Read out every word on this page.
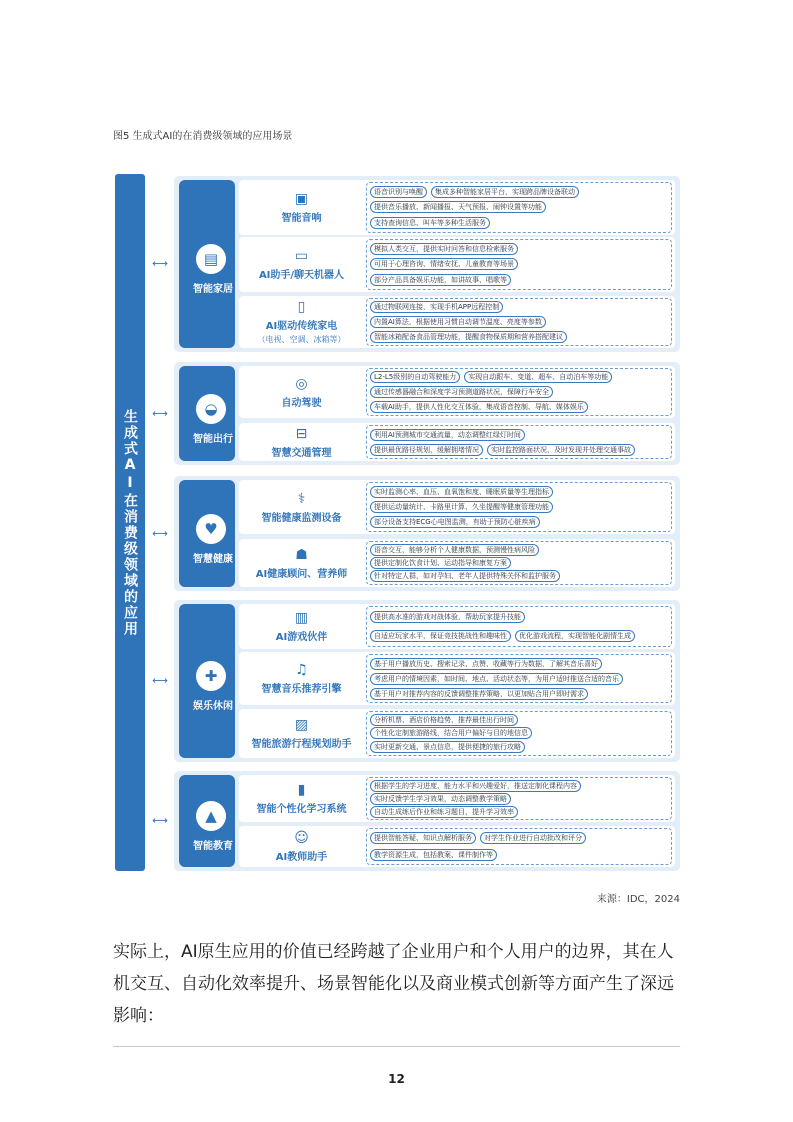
图5 生成式AI的在消费级领域的应用场景
生成式AI在消费级领域的应用
⟷	▤
智能家居
▣
智能音响
语音识别与唤醒	集成多种智能家居平台，实现跨品牌设备联动
提供音乐播放、新闻播报、天气预报、闹钟设置等功能
支持查询信息、叫车等多种生活服务
▭
AI助手/聊天机器人
模拟人类交互，提供实时问答和信息检索服务
可用于心理咨询、情绪安抚、儿童教育等场景
部分产品具备娱乐功能，如讲故事、唱歌等
▯
AI驱动传统家电
（电视、空调、冰箱等）
通过物联网连接，实现手机APP远程控制
内置AI算法，根据使用习惯自动调节温度、亮度等参数
智能冰箱配备食品管理功能，提醒食物保质期和营养搭配建议
⟷	◒
智能出行
◎
自动驾驶
L2-L5级别的自动驾驶能力	实现自动跟车、变道、超车、自动泊车等功能
通过传感器融合和深度学习预测道路状况，保障行车安全
车载AI助手，提供人性化交互体验，集成语音控制、导航、媒体娱乐
⊟
智慧交通管理
利用AI预测城市交通流量，动态调整红绿灯时间
提供最优路径规划，缓解拥堵情况	实时监控路面状况，及时发现并处理交通事故
⟷	♥
智慧健康
⚕
智能健康监测设备
实时监测心率、血压、血氧饱和度、睡眠质量等生理指标
提供运动量统计、卡路里计算、久坐提醒等健康管理功能
部分设备支持ECG心电图监测，有助于预防心脏疾病
☗
AI健康顾问、营养师
语音交互，能够分析个人健康数据，预测慢性病风险
提供定制化饮食计划、运动指导和康复方案
针对特定人群，如对孕妇、老年人提供特殊关怀和监护服务
⟷	✚
娱乐休闲
▥
AI游戏伙伴
提供高水准的游戏对战体验，帮助玩家提升技能
自适应玩家水平，保证竞技挑战性和趣味性	优化游戏流程，实现智能化剧情生成
♫
智慧音乐推荐引擎
基于用户播放历史、搜索记录、点赞、收藏等行为数据，了解其音乐喜好
考虑用户的情境因素，如时间、地点、活动状态等，为用户适时推送合适的音乐
基于用户对推荐内容的反馈调整推荐策略，以更加贴合用户即时需求
▨
智能旅游行程规划助手
分析机票、酒店价格趋势，推荐最佳出行时间
个性化定制旅游路线，结合用户偏好与目的地信息
实时更新交通、景点信息，提供便捷的旅行攻略
⟷	▲
智能教育
▮
智能个性化学习系统
根据学生的学习进度、能力水平和兴趣爱好，推送定制化课程内容
实时反馈学生学习效果，动态调整教学策略
自动生成练后作业和练习题目，提升学习效率
☺
AI教师助手
提供智能答疑、知识点解析服务	对学生作业进行自动批改和评分
教学资源生成，包括教案、课件制作等
来源：IDC，2024
实际上，AI原生应用的价值已经跨越了企业用户和个人用户的边界，其在人机交互、自动化效率提升、场景智能化以及商业模式创新等方面产生了深远影响：
12
